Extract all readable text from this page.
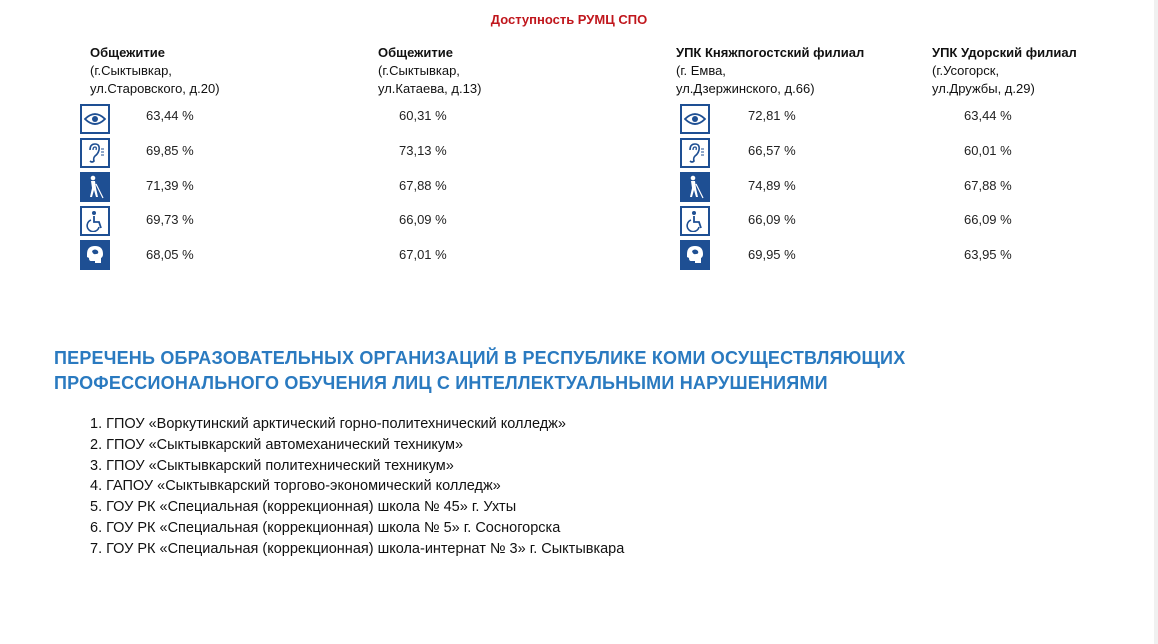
Доступность РУМЦ СПО
Общежитие
(г.Сыктывкар,
ул.Старовского, д.20)
Общежитие
(г.Сыктывкар,
ул.Катаева, д.13)
УПК Княжпогостский филиал
(г. Емва,
ул.Дзержинского, д.66)
УПК Удорский филиал
(г.Усогорск,
ул.Дружбы, д.29)
63,44 %
69,85 %
71,39 %
69,73 %
68,05 %
60,31 %
73,13 %
67,88 %
66,09 %
67,01 %
72,81 %
66,57 %
74,89 %
66,09 %
69,95 %
63,44 %
60,01 %
67,88 %
66,09 %
63,95 %
ПЕРЕЧЕНЬ ОБРАЗОВАТЕЛЬНЫХ ОРГАНИЗАЦИЙ В РЕСПУБЛИКЕ КОМИ ОСУЩЕСТВЛЯЮЩИХ
ПРОФЕССИОНАЛЬНОГО ОБУЧЕНИЯ ЛИЦ С ИНТЕЛЛЕКТУАЛЬНЫМИ НАРУШЕНИЯМИ
1. ГПОУ «Воркутинский арктический горно-политехнический колледж»
2. ГПОУ «Сыктывкарский автомеханический техникум»
3. ГПОУ «Сыктывкарский политехнический техникум»
4. ГАПОУ «Сыктывкарский торгово-экономический колледж»
5. ГОУ РК «Специальная (коррекционная) школа № 45» г. Ухты
6. ГОУ РК «Специальная (коррекционная) школа № 5» г. Сосногорска
7. ГОУ РК «Специальная (коррекционная) школа-интернат № 3» г. Сыктывкара
